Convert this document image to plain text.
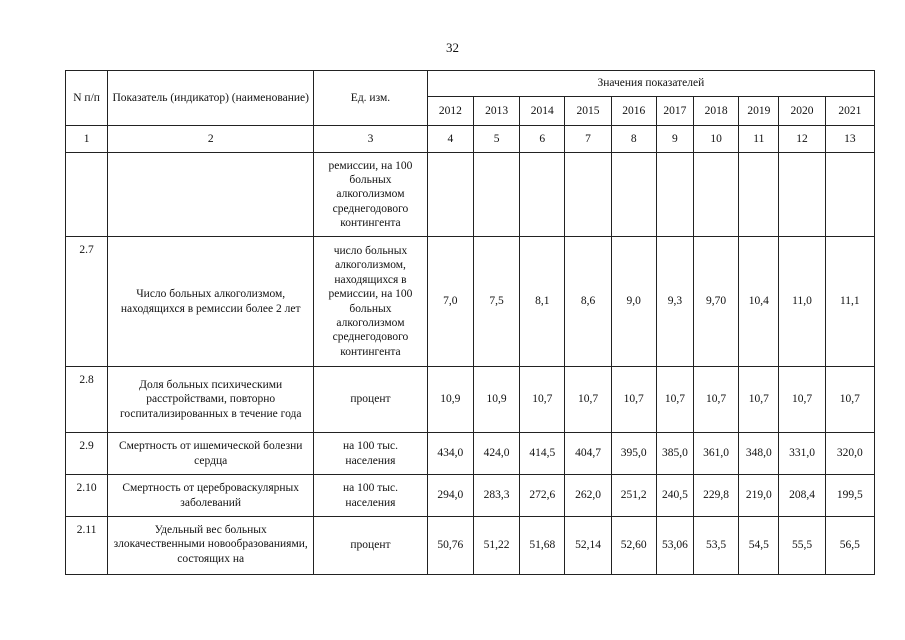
32
N п/п	Показатель (индикатор) (наименование)	Ед. изм.	Значения показателей									
			2012	2013	2014	2015	2016	2017	2018	2019	2020	2021
1	2	3	4	5	6	7	8	9	10	11	12	13
		ремиссии, на 100 больных алкоголизмом среднегодового контингента										
2.7	Число больных алкоголизмом, находящихся в ремиссии более 2 лет	число больных алкоголизмом, находящихся в ремиссии, на 100 больных алкоголизмом среднегодового контингента	7,0	7,5	8,1	8,6	9,0	9,3	9,70	10,4	11,0	11,1
2.8	Доля больных психическими расстройствами, повторно госпитализированных в течение года	процент	10,9	10,9	10,7	10,7	10,7	10,7	10,7	10,7	10,7	10,7
2.9	Смертность от ишемической болезни сердца	на 100 тыс. населения	434,0	424,0	414,5	404,7	395,0	385,0	361,0	348,0	331,0	320,0
2.10	Смертность от цереброваскулярных заболеваний	на 100 тыс. населения	294,0	283,3	272,6	262,0	251,2	240,5	229,8	219,0	208,4	199,5
2.11	Удельный вес больных злокачественными новообразованиями, состоящих на	процент	50,76	51,22	51,68	52,14	52,60	53,06	53,5	54,5	55,5	56,5
